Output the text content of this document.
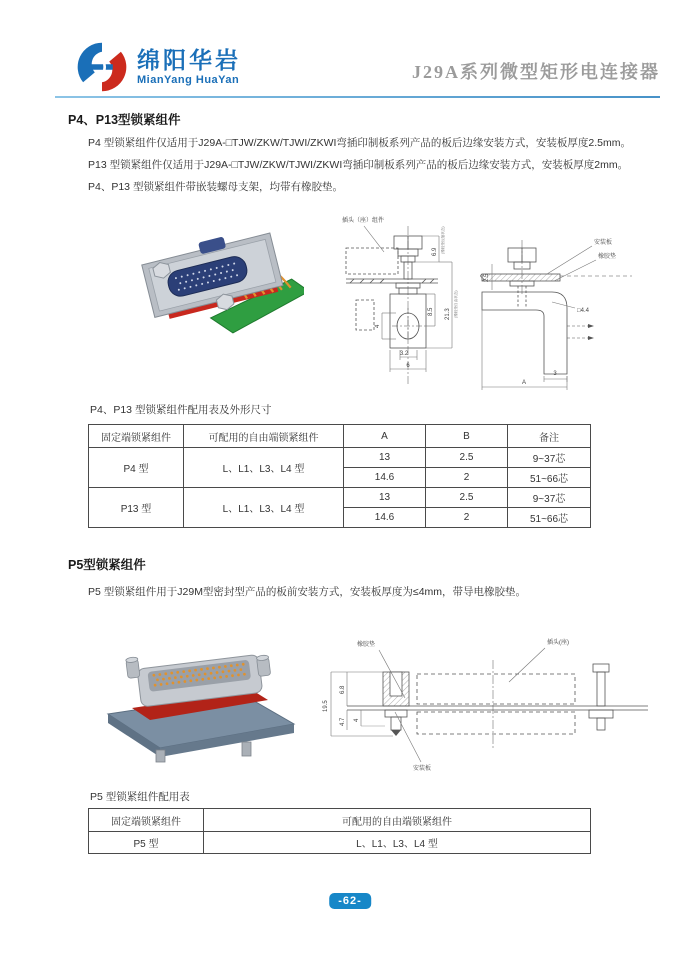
绵阳华岩
MianYang HuaYan	J29A系列微型矩形电连接器
P4、P13型锁紧组件

P4 型锁紧组件仅适用于J29A-□TJW/ZKW/TJWI/ZKWI弯插印制板系列产品的板后边缘安装方式，安装板厚度2.5mm。

P13 型锁紧组件仅适用于J29A-□TJW/ZKW/TJWI/ZKWI弯插印制板系列产品的板后边缘安装方式，安装板厚度2mm。

P4、P13 型锁紧组件带嵌装螺母支架，均带有橡胶垫。

插头（座）组件
3.2
6
4
8.5
6.9 (橡胶垫压缩状态)
21.3 (橡胶垫自由状态)
安装板
橡胶垫
2.5
□4.4
3
A
P4、P13 型锁紧组件配用表及外形尺寸
固定端锁紧组件	可配用的自由端锁紧组件	A	B	备注
P4 型	L、L1、L3、L4 型	13	2.5	9~37芯
		14.6	2	51~66芯
P13 型	L、L1、L3、L4 型	13	2.5	9~37芯
		14.6	2	51~66芯
P5型锁紧组件
P5 型锁紧组件用于J29M型密封型产品的板前安装方式，安装板厚度为≤4mm，带导电橡胶垫。
橡胶垫	插头(座)
安装板
19.5
6.8
4.7 4
P5 型锁紧组件配用表
固定端锁紧组件	可配用的自由端锁紧组件
P5 型	L、L1、L3、L4 型
-62-
